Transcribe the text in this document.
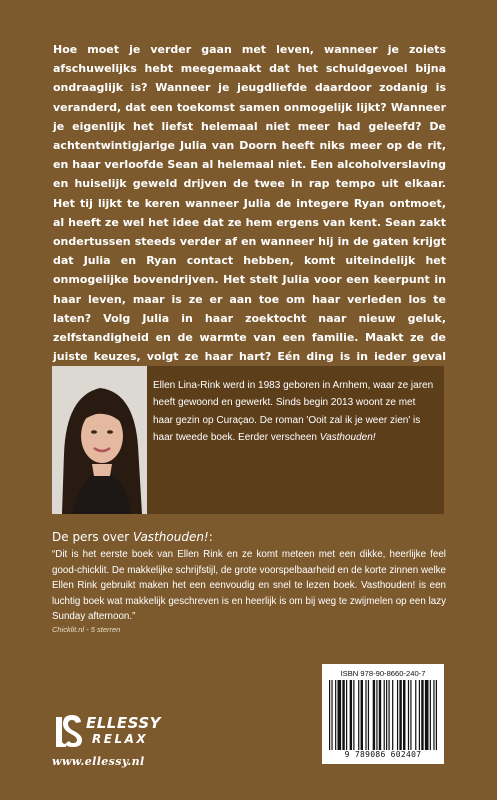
Hoe moet je verder gaan met leven, wanneer je zoiets afschuwelijks hebt meegemaakt dat het schuldgevoel bijna ondraaglijk is? Wanneer je jeugdliefde daardoor zodanig is veranderd, dat een toekomst samen onmogelijk lijkt? Wanneer je eigenlijk het liefst helemaal niet meer had geleefd? De achtentwintigjarige Julia van Doorn heeft niks meer op de rit, en haar verloofde Sean al helemaal niet. Een alcoholverslaving en huiselijk geweld drijven de twee in rap tempo uit elkaar. Het tij lijkt te keren wanneer Julia de integere Ryan ontmoet, al heeft ze wel het idee dat ze hem ergens van kent. Sean zakt ondertussen steeds verder af en wanneer hij in de gaten krijgt dat Julia en Ryan contact hebben, komt uiteindelijk het onmogelijke bovendrijven. Het stelt Julia voor een keerpunt in haar leven, maar is ze er aan toe om haar verleden los te laten? Volg Julia in haar zoektocht naar nieuw geluk, zelfstandigheid en de warmte van een familie. Maakt ze de juiste keuzes, volgt ze haar hart? Eén ding is in ieder geval

Ellen Lina-Rink werd in 1983 geboren in Arnhem, waar ze jaren heeft gewoond en gewerkt. Sinds begin 2013 woont ze met haar gezin op Curaçao. De roman 'Ooit zal ik je weer zien' is haar tweede boek. Eerder verscheen Vasthouden!

De pers over Vasthouden!:

“Dit is het eerste boek van Ellen Rink en ze komt meteen met een dikke, heerlijke feel good-chicklit. De makkelijke schrijfstijl, de grote voorspelbaarheid en de korte zinnen welke Ellen Rink gebruikt maken het een eenvoudig en snel te lezen boek. Vasthouden! is een luchtig boek wat makkelijk geschreven is en heerlijk is om bij weg te zwijmelen op een lazy Sunday afternoon.”

Chicklit.nl - 5 sterren

ELLESSY

RELAX

www.ellessy.nl

ISBN 978-90-8660-240-7

9 789086 602407
